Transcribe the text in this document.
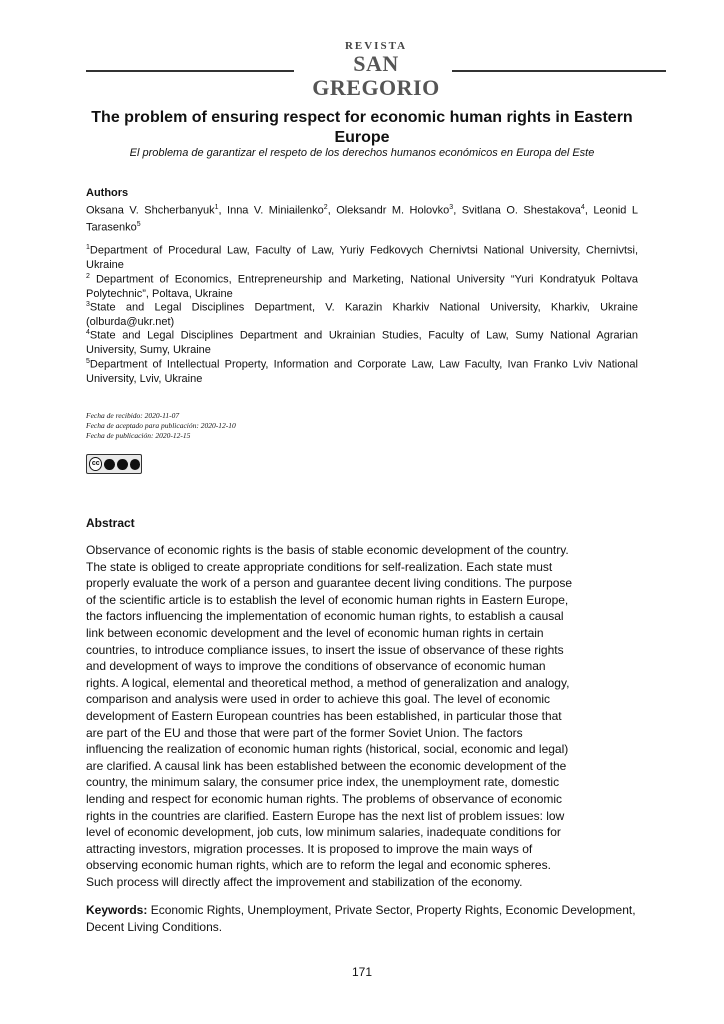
REVISTA
SAN GREGORIO
The problem of ensuring respect for economic human rights in Eastern Europe
El problema de garantizar el respeto de los derechos humanos económicos en Europa del Este
Authors
Oksana V. Shcherbanyuk$^1$, Inna V. Miniailenko$^2$, Oleksandr M. Holovko$^3$, Svitlana O. Shestakova$^4$, Leonid L Tarasenko$^5$
$^1$Department of Procedural Law, Faculty of Law, Yuriy Fedkovych Chernivtsi National University, Chernivtsi, Ukraine
$^2$ Department of Economics, Entrepreneurship and Marketing, National University “Yuri Kondratyuk Poltava Polytechnic”, Poltava, Ukraine
$^3$State and Legal Disciplines Department, V. Karazin Kharkiv National University, Kharkiv, Ukraine (olburda@ukr.net)
$^4$State and Legal Disciplines Department and Ukrainian Studies, Faculty of Law, Sumy National Agrarian University, Sumy, Ukraine
$^5$Department of Intellectual Property, Information and Corporate Law, Law Faculty, Ivan Franko Lviv National University, Lviv, Ukraine
Fecha de recibido: 2020-11-07
Fecha de aceptado para publicación: 2020-12-10
Fecha de publicación: 2020-12-15
cc
Abstract
Observance of economic rights is the basis of stable economic development of the country.
The state is obliged to create appropriate conditions for self-realization. Each state must
properly evaluate the work of a person and guarantee decent living conditions. The purpose
of the scientific article is to establish the level of economic human rights in Eastern Europe,
the factors influencing the implementation of economic human rights, to establish a causal
link between economic development and the level of economic human rights in certain
countries, to introduce compliance issues, to insert the issue of observance of these rights
and development of ways to improve the conditions of observance of economic human
rights. A logical, elemental and theoretical method, a method of generalization and analogy,
comparison and analysis were used in order to achieve this goal. The level of economic
development of Eastern European countries has been established, in particular those that
are part of the EU and those that were part of the former Soviet Union. The factors
influencing the realization of economic human rights (historical, social, economic and legal)
are clarified. A causal link has been established between the economic development of the
country, the minimum salary, the consumer price index, the unemployment rate, domestic
lending and respect for economic human rights. The problems of observance of economic
rights in the countries are clarified. Eastern Europe has the next list of problem issues: low
level of economic development, job cuts, low minimum salaries, inadequate conditions for
attracting investors, migration processes. It is proposed to improve the main ways of
observing economic human rights, which are to reform the legal and economic spheres.
Such process will directly affect the improvement and stabilization of the economy.
Keywords: Economic Rights, Unemployment, Private Sector, Property Rights, Economic Development, Decent Living Conditions.
171
